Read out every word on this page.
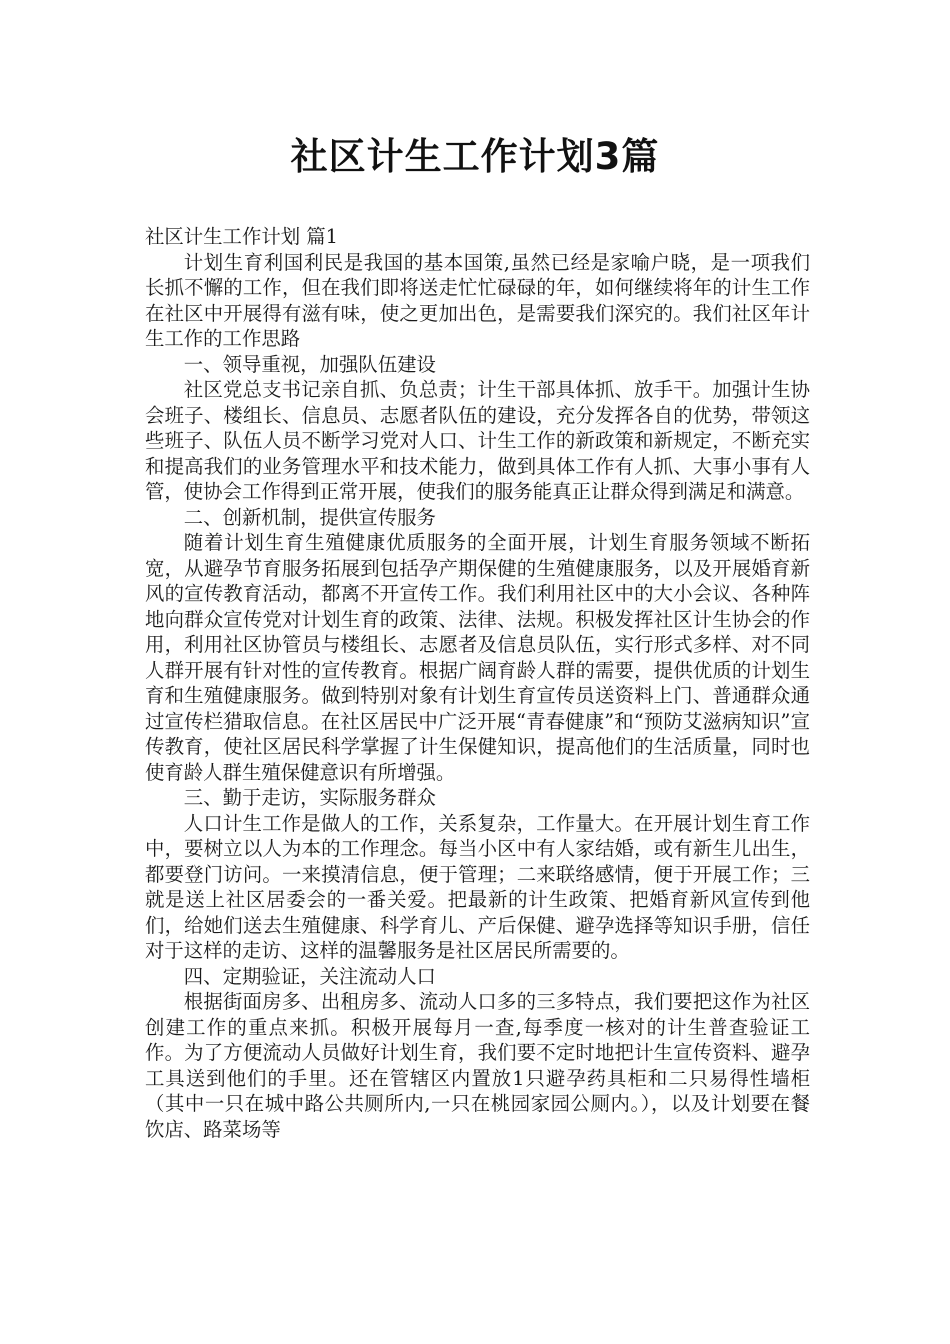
社区计生工作计划3篇

社区计生工作计划 篇1

计划生育利国利民是我国的基本国策,虽然已经是家喻户晓，是一项我们长抓不懈的工作，但在我们即将送走忙忙碌碌的年，如何继续将年的计生工作在社区中开展得有滋有味，使之更加出色，是需要我们深究的。我们社区年计生工作的工作思路

一、领导重视，加强队伍建设

社区党总支书记亲自抓、负总责；计生干部具体抓、放手干。加强计生协会班子、楼组长、信息员、志愿者队伍的建设，充分发挥各自的优势，带领这些班子、队伍人员不断学习党对人口、计生工作的新政策和新规定，不断充实和提高我们的业务管理水平和技术能力，做到具体工作有人抓、大事小事有人管，使协会工作得到正常开展，使我们的服务能真正让群众得到满足和满意。

二、创新机制，提供宣传服务

随着计划生育生殖健康优质服务的全面开展，计划生育服务领域不断拓宽，从避孕节育服务拓展到包括孕产期保健的生殖健康服务，以及开展婚育新风的宣传教育活动，都离不开宣传工作。我们利用社区中的大小会议、各种阵地向群众宣传党对计划生育的政策、法律、法规。积极发挥社区计生协会的作用，利用社区协管员与楼组长、志愿者及信息员队伍，实行形式多样、对不同人群开展有针对性的宣传教育。根据广阔育龄人群的需要，提供优质的计划生育和生殖健康服务。做到特别对象有计划生育宣传员送资料上门、普通群众通过宣传栏猎取信息。在社区居民中广泛开展“青春健康”和“预防艾滋病知识”宣传教育，使社区居民科学掌握了计生保健知识，提高他们的生活质量，同时也使育龄人群生殖保健意识有所增强。

三、勤于走访，实际服务群众

人口计生工作是做人的工作，关系复杂，工作量大。在开展计划生育工作中，要树立以人为本的工作理念。每当小区中有人家结婚，或有新生儿出生，都要登门访问。一来摸清信息，便于管理；二来联络感情，便于开展工作；三就是送上社区居委会的一番关爱。把最新的计生政策、把婚育新风宣传到他们，给她们送去生殖健康、科学育儿、产后保健、避孕选择等知识手册，信任对于这样的走访、这样的温馨服务是社区居民所需要的。

四、定期验证，关注流动人口

根据街面房多、出租房多、流动人口多的三多特点，我们要把这作为社区创建工作的重点来抓。积极开展每月一查,每季度一核对的计生普查验证工作。为了方便流动人员做好计划生育，我们要不定时地把计生宣传资料、避孕工具送到他们的手里。还在管辖区内置放1只避孕药具柜和二只易得性墙柜（其中一只在城中路公共厕所内,一只在桃园家园公厕内。），以及计划要在餐饮店、路菜场等
